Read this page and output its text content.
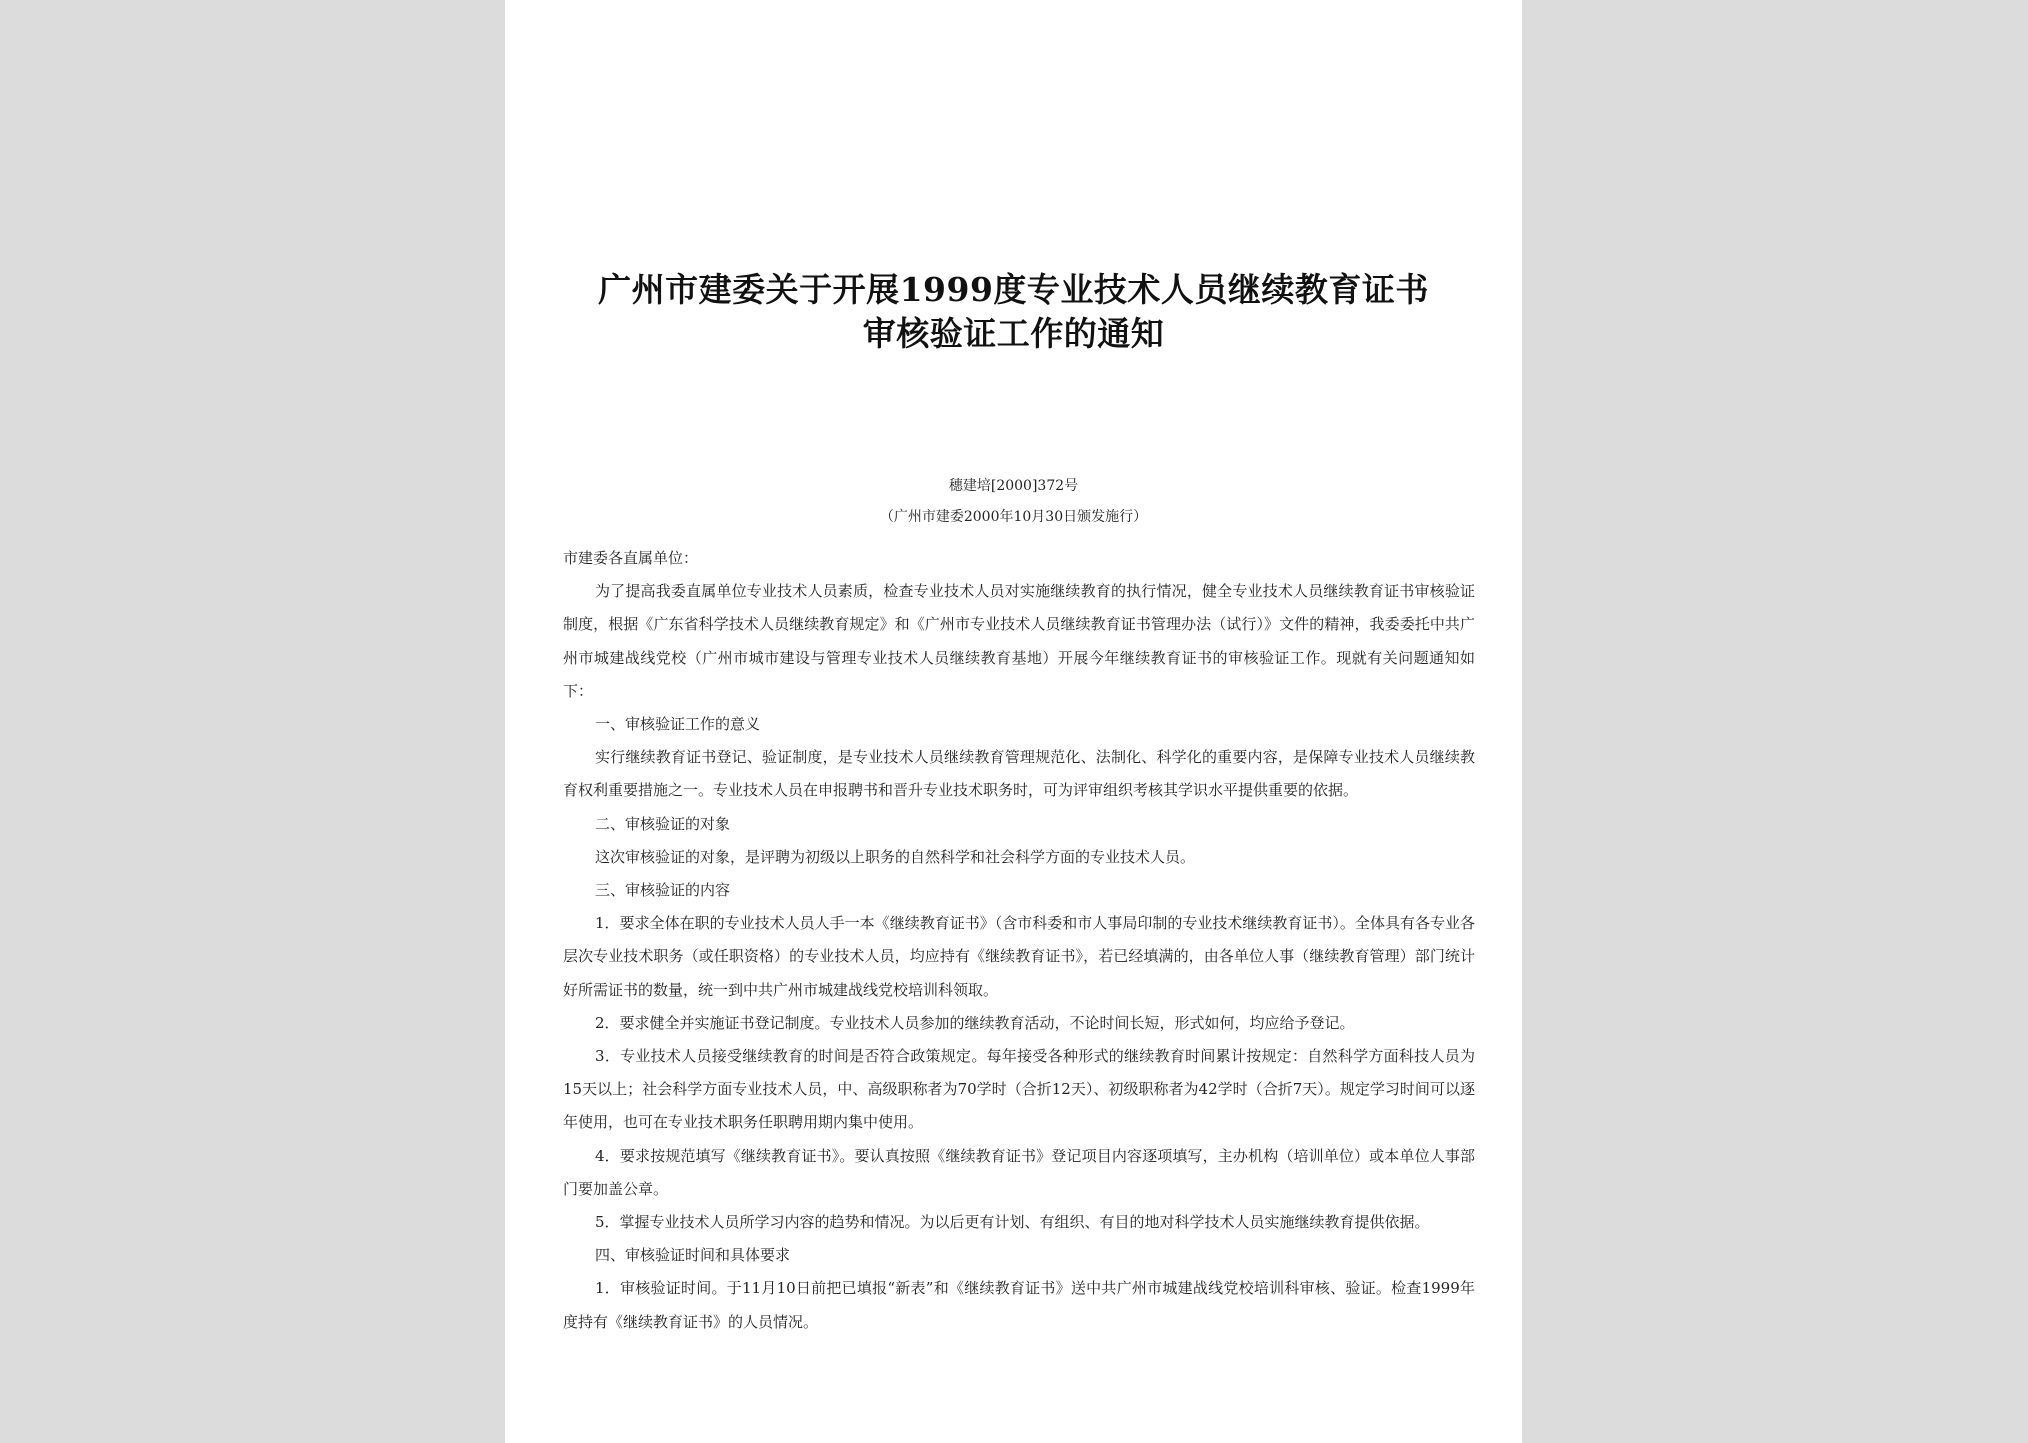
广州市建委关于开展1999度专业技术人员继续教育证书
审核验证工作的通知
穗建培[2000]372号
（广州市建委2000年10月30日颁发施行）

市建委各直属单位：

为了提高我委直属单位专业技术人员素质，检查专业技术人员对实施继续教育的执行情况，健全专业技术人员继续教育证书审核验证制度，根据《广东省科学技术人员继续教育规定》和《广州市专业技术人员继续教育证书管理办法（试行）》文件的精神，我委委托中共广州市城建战线党校（广州市城市建设与管理专业技术人员继续教育基地）开展今年继续教育证书的审核验证工作。现就有关问题通知如下：

一、审核验证工作的意义

实行继续教育证书登记、验证制度，是专业技术人员继续教育管理规范化、法制化、科学化的重要内容，是保障专业技术人员继续教育权利重要措施之一。专业技术人员在申报聘书和晋升专业技术职务时，可为评审组织考核其学识水平提供重要的依据。

二、审核验证的对象

这次审核验证的对象，是评聘为初级以上职务的自然科学和社会科学方面的专业技术人员。

三、审核验证的内容

1．要求全体在职的专业技术人员人手一本《继续教育证书》（含市科委和市人事局印制的专业技术继续教育证书）。全体具有各专业各层次专业技术职务（或任职资格）的专业技术人员，均应持有《继续教育证书》，若已经填满的，由各单位人事（继续教育管理）部门统计好所需证书的数量，统一到中共广州市城建战线党校培训科领取。

2．要求健全并实施证书登记制度。专业技术人员参加的继续教育活动，不论时间长短，形式如何，均应给予登记。

3．专业技术人员接受继续教育的时间是否符合政策规定。每年接受各种形式的继续教育时间累计按规定：自然科学方面科技人员为15天以上；社会科学方面专业技术人员，中、高级职称者为70学时（合折12天）、初级职称者为42学时（合折7天）。规定学习时间可以逐年使用，也可在专业技术职务任职聘用期内集中使用。

4．要求按规范填写《继续教育证书》。要认真按照《继续教育证书》登记项目内容逐项填写，主办机构（培训单位）或本单位人事部门要加盖公章。

5．掌握专业技术人员所学习内容的趋势和情况。为以后更有计划、有组织、有目的地对科学技术人员实施继续教育提供依据。

四、审核验证时间和具体要求

1．审核验证时间。于11月10日前把已填报“新表”和《继续教育证书》送中共广州市城建战线党校培训科审核、验证。检查1999年度持有《继续教育证书》的人员情况。
